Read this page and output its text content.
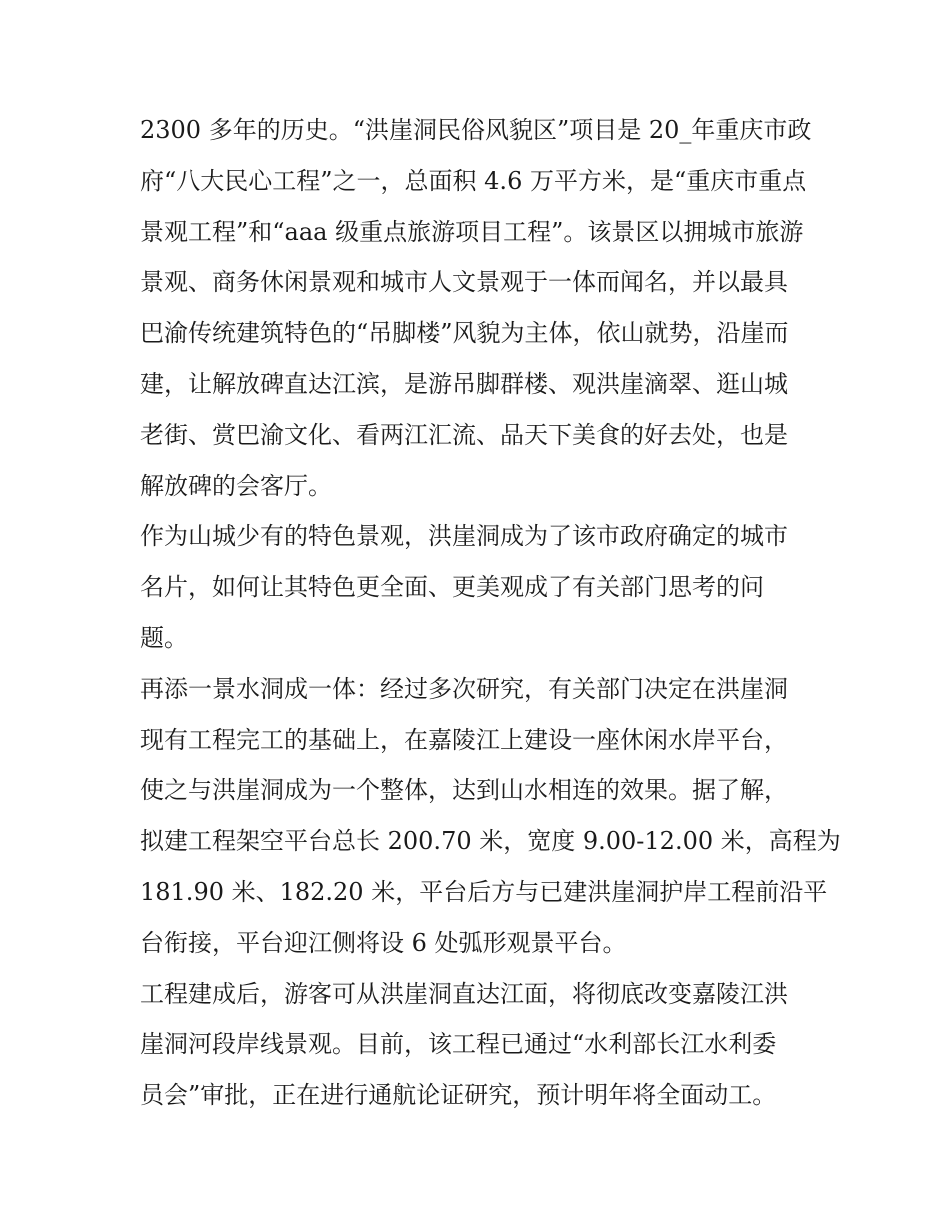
2300 多年的历史。“洪崖洞民俗风貌区”项目是 20_年重庆市政
府“八大民心工程”之一，总面积 4.6 万平方米，是“重庆市重点
景观工程”和“aaa 级重点旅游项目工程”。该景区以拥城市旅游
景观、商务休闲景观和城市人文景观于一体而闻名，并以最具
巴渝传统建筑特色的“吊脚楼”风貌为主体，依山就势，沿崖而
建，让解放碑直达江滨，是游吊脚群楼、观洪崖滴翠、逛山城
老街、赏巴渝文化、看两江汇流、品天下美食的好去处，也是
解放碑的会客厅。
作为山城少有的特色景观，洪崖洞成为了该市政府确定的城市
名片，如何让其特色更全面、更美观成了有关部门思考的问
题。
再添一景水洞成一体：经过多次研究，有关部门决定在洪崖洞
现有工程完工的基础上，在嘉陵江上建设一座休闲水岸平台，
使之与洪崖洞成为一个整体，达到山水相连的效果。据了解，
拟建工程架空平台总长 200.70 米，宽度 9.00-12.00 米，高程为
181.90 米、182.20 米，平台后方与已建洪崖洞护岸工程前沿平
台衔接，平台迎江侧将设 6 处弧形观景平台。
工程建成后，游客可从洪崖洞直达江面，将彻底改变嘉陵江洪
崖洞河段岸线景观。目前，该工程已通过“水利部长江水利委
员会”审批，正在进行通航论证研究，预计明年将全面动工。
